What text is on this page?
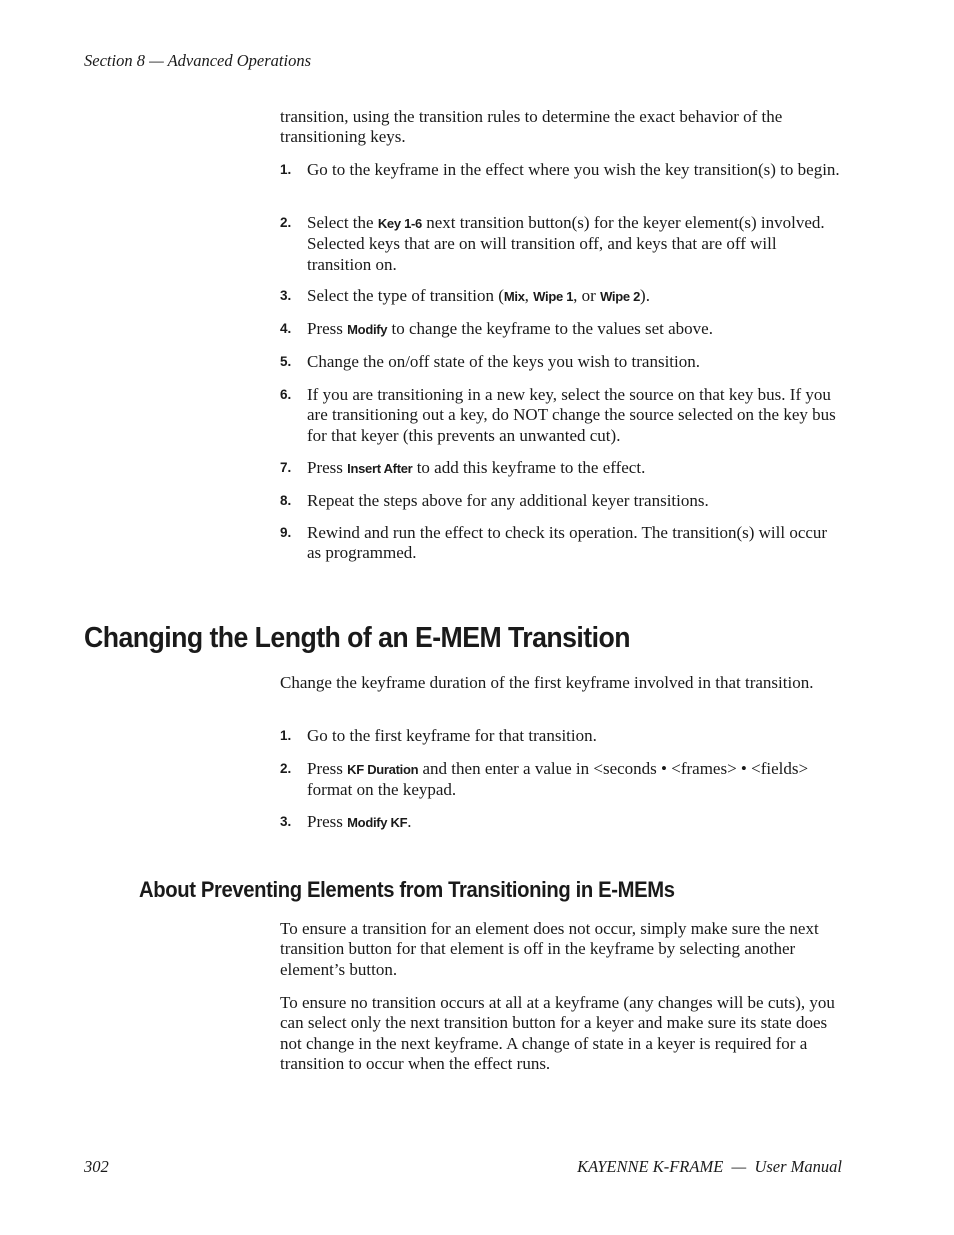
Section 8 — Advanced Operations

transition, using the transition rules to determine the exact behavior of the transitioning keys.

1. Go to the keyframe in the effect where you wish the key transition(s) to begin.
2. Select the Key 1-6 next transition button(s) for the keyer element(s) involved. Selected keys that are on will transition off, and keys that are off will transition on.
3. Select the type of transition (Mix, Wipe 1, or Wipe 2).
4. Press Modify to change the keyframe to the values set above.
5. Change the on/off state of the keys you wish to transition.
6. If you are transitioning in a new key, select the source on that key bus. If you are transitioning out a key, do NOT change the source selected on the key bus for that keyer (this prevents an unwanted cut).
7. Press Insert After to add this keyframe to the effect.
8. Repeat the steps above for any additional keyer transitions.
9. Rewind and run the effect to check its operation. The transition(s) will occur as programmed.
Changing the Length of an E-MEM Transition

Change the keyframe duration of the first keyframe involved in that transition.

1. Go to the first keyframe for that transition.
2. Press KF Duration and then enter a value in <seconds • <frames> • <fields> format on the keypad.
3. Press Modify KF.
About Preventing Elements from Transitioning in E-MEMs

To ensure a transition for an element does not occur, simply make sure the next transition button for that element is off in the keyframe by selecting another element’s button.

To ensure no transition occurs at all at a keyframe (any changes will be cuts), you can select only the next transition button for a keyer and make sure its state does not change in the next keyframe. A change of state in a keyer is required for a transition to occur when the effect runs.

302	KAYENNE K-FRAME  —  User Manual
